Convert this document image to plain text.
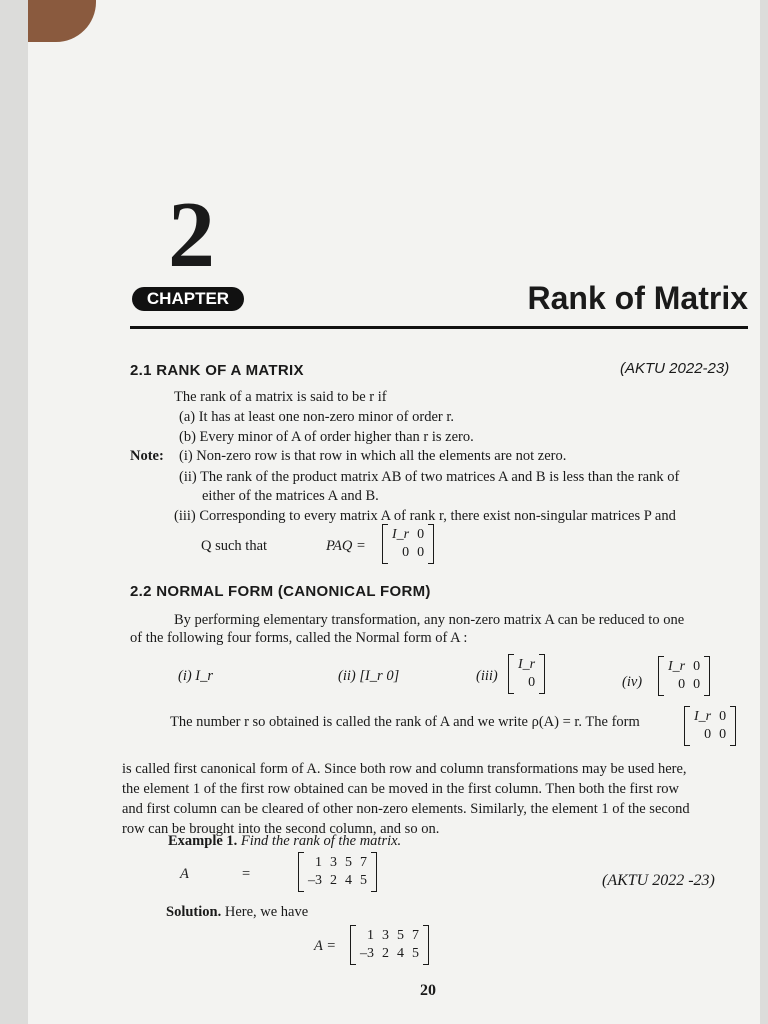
2
CHAPTER	Rank of Matrix
2.1 RANK OF A MATRIX	(AKTU 2022-23)
The rank of a matrix is said to be r if
(a) It has at least one non-zero minor of order r.
(b) Every minor of A of order higher than r is zero.
Note: (i) Non-zero row is that row in which all the elements are not zero.
(ii) The rank of the product matrix AB of two matrices A and B is less than the rank of
either of the matrices A and B.
(iii) Corresponding to every matrix A of rank r, there exist non-singular matrices P and
Q such that	PAQ =
I_r	0
0	0
2.2 NORMAL FORM (CANONICAL FORM)
By performing elementary transformation, any non-zero matrix A can be reduced to one
of the following four forms, called the Normal form of A :
(i) I_r	(ii) [I_r 0]	(iii)
I_r
0	(iv)
I_r	0
0	0
The number r so obtained is called the rank of A and we write ρ(A) = r. The form	I_r	0
0	0
is called first canonical form of A. Since both row and column transformations may be used here,
the element 1 of the first row obtained can be moved in the first column. Then both the first row
and first column can be cleared of other non-zero elements. Similarly, the element 1 of the second
row can be brought into the second column, and so on.
Example 1. Find the rank of the matrix.
A	=
1	3	5	7
–3	2	4	5	(AKTU 2022 -23)
Solution. Here, we have
A =
1	3	5	7
–3	2	4	5
20
